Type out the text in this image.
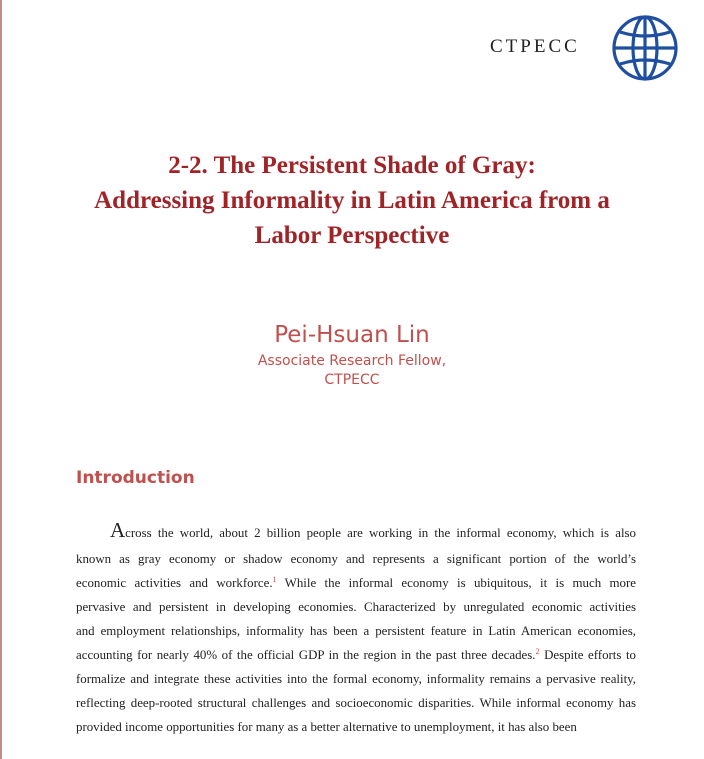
CTPECC
2-2. The Persistent Shade of Gray:
Addressing Informality in Latin America from a
Labor Perspective
Pei-Hsuan Lin
Associate Research Fellow,
CTPECC
Introduction
Across the world, about 2 billion people are working in the informal economy, which is also
known as gray economy or shadow economy and represents a significant portion of the world’s
economic activities and workforce.$^1$ While the informal economy is ubiquitous, it is much more
pervasive and persistent in developing economies. Characterized by unregulated economic activities
and employment relationships, informality has been a persistent feature in Latin American economies,
accounting for nearly 40% of the official GDP in the region in the past three decades.$^2$ Despite efforts to
formalize and integrate these activities into the formal economy, informality remains a pervasive reality,
reflecting deep-rooted structural challenges and socioeconomic disparities. While informal economy has
provided income opportunities for many as a better alternative to unemployment, it has also been
